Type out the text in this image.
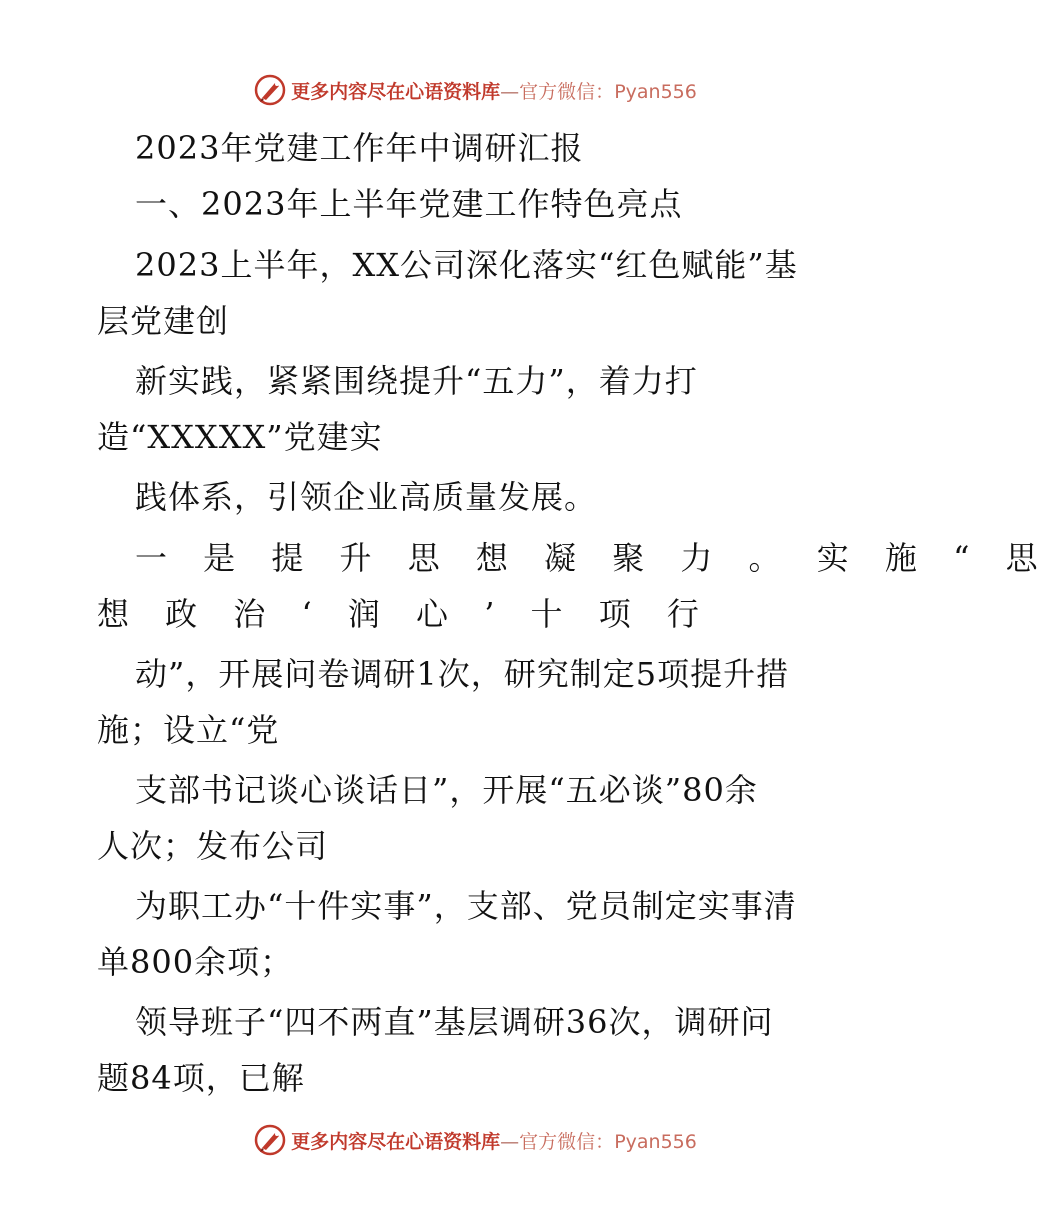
更多内容尽在心语资料库—官方微信：Pyan556
2023年党建工作年中调研汇报
一、2023年上半年党建工作特色亮点
2023上半年，XX公司深化落实“红色赋能”基
层党建创
新实践，紧紧围绕提升“五力”，着力打
造“XXXXX”党建实
践体系，引领企业高质量发展。
一 是 提 升 思 想 凝 聚 力 。 实 施 “ 思
想 政 治 ‘ 润 心 ’ 十 项 行
动”，开展问卷调研1次，研究制定5项提升措
施；设立“党
支部书记谈心谈话日”，开展“五必谈”80余
人次；发布公司
为职工办“十件实事”，支部、党员制定实事清
单800余项；
领导班子“四不两直”基层调研36次，调研问
题84项，已解
更多内容尽在心语资料库—官方微信：Pyan556
